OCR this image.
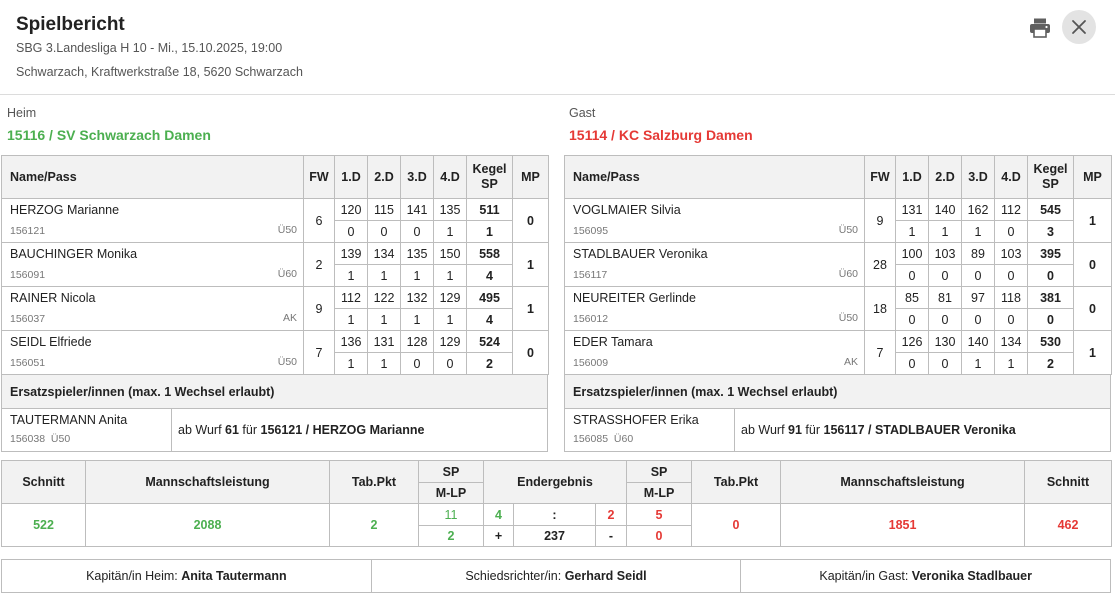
Spielbericht
SBG 3.Landesliga H 10 - Mi., 15.10.2025, 19:00
Schwarzach, Kraftwerkstraße 18, 5620 Schwarzach
Heim
15116 / SV Schwarzach Damen
Gast
15114 / KC Salzburg Damen
Name/Pass	FW	1.D	2.D	3.D	4.D	Kegel
SP	MP

HERZOG Marianne
156121 Ü50	6	120	115	141	135	511	0
		0	0	0	1	1	

BAUCHINGER Monika
156091 Ü60	2	139	134	135	150	558	1
		1	1	1	1	4	

RAINER Nicola
156037 AK	9	112	122	132	129	495	1
		1	1	1	1	4	

SEIDL Elfriede
156051 Ü50	7	136	131	128	129	524	0
		1	1	0	0	2	
Ersatzspieler/innen (max. 1 Wechsel erlaubt)
TAUTERMANN Anita
156038 Ü50
ab Wurf
61
für
156121 / HERZOG Marianne
Name/Pass	FW	1.D	2.D	3.D	4.D	Kegel
SP	MP

VOGLMAIER Silvia
156095 Ü50	9	131	140	162	112	545	1
		1	1	1	0	3	

STADLBAUER Veronika
156117 Ü60	28	100	103	89	103	395	0
		0	0	0	0	0	

NEUREITER Gerlinde
156012 Ü50	18	85	81	97	118	381	0
		0	0	0	0	0	

EDER Tamara
156009 AK	7	126	130	140	134	530	1
		0	0	1	1	2	
Ersatzspieler/innen (max. 1 Wechsel erlaubt)
STRASSHOFER Erika
156085 Ü60
ab Wurf
91
für
156117 / STADLBAUER Veronika
Schnitt	Mannschaftsleistung	Tab.Pkt	SP	Endergebnis			SP	Tab.Pkt	Mannschaftsleistung	Schnitt
			M-LP				M-LP			
522	2088	2	11	4	:	2	5	0	1851	462
			2	+	237	-	0			
Kapitän/in Heim:
Anita Tautermann	Schiedsrichter/in:
Gerhard Seidl	Kapitän/in Gast:
Veronika Stadlbauer
